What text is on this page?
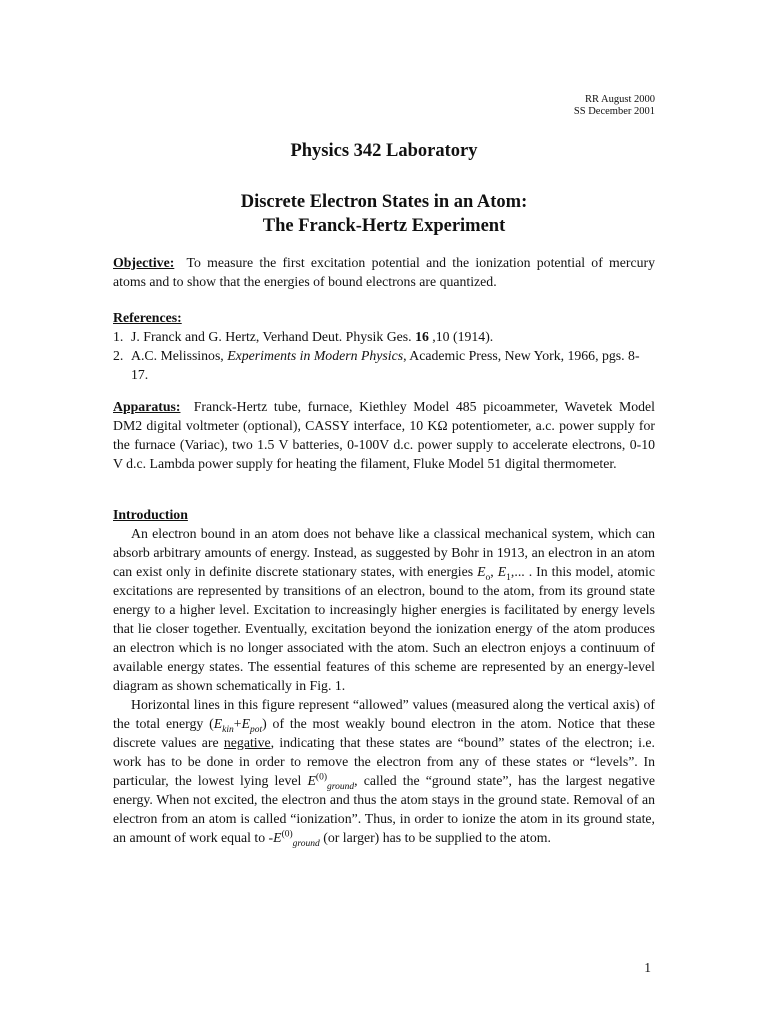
RR August 2000
SS December 2001
Physics 342 Laboratory
Discrete Electron States in an Atom:
The Franck-Hertz Experiment
Objective: To measure the first excitation potential and the ionization potential of mercury atoms and to show that the energies of bound electrons are quantized.
References:
1. J. Franck and G. Hertz, Verhand Deut. Physik Ges. 16 ,10 (1914).
2. A.C. Melissinos, Experiments in Modern Physics, Academic Press, New York, 1966, pgs. 8-17.
Apparatus: Franck-Hertz tube, furnace, Kiethley Model 485 picoammeter, Wavetek Model DM2 digital voltmeter (optional), CASSY interface, 10 KΩ potentiometer, a.c. power supply for the furnace (Variac), two 1.5 V batteries, 0-100V d.c. power supply to accelerate electrons, 0-10 V d.c. Lambda power supply for heating the filament, Fluke Model 51 digital thermometer.
Introduction
An electron bound in an atom does not behave like a classical mechanical system, which can absorb arbitrary amounts of energy. Instead, as suggested by Bohr in 1913, an electron in an atom can exist only in definite discrete stationary states, with energies $E_o$, $E_1$,... . In this model, atomic excitations are represented by transitions of an electron, bound to the atom, from its ground state energy to a higher level. Excitation to increasingly higher energies is facilitated by energy levels that lie closer together. Eventually, excitation beyond the ionization energy of the atom produces an electron which is no longer associated with the atom. Such an electron enjoys a continuum of available energy states. The essential features of this scheme are represented by an energy-level diagram as shown schematically in Fig. 1.
Horizontal lines in this figure represent “allowed” values (measured along the vertical axis) of the total energy $(E_{kin}+E_{pot})$ of the most weakly bound electron in the atom. Notice that these discrete values are negative, indicating that these states are “bound” states of the electron; i.e. work has to be done in order to remove the electron from any of these states or “levels”. In particular, the lowest lying level $E^{(0)}_{ground}$, called the “ground state”, has the largest negative energy. When not excited, the electron and thus the atom stays in the ground state. Removal of an electron from an atom is called “ionization”. Thus, in order to ionize the atom in its ground state, an amount of work equal to $-E^{(0)}_{ground}$ (or larger) has to be supplied to the atom.
1
